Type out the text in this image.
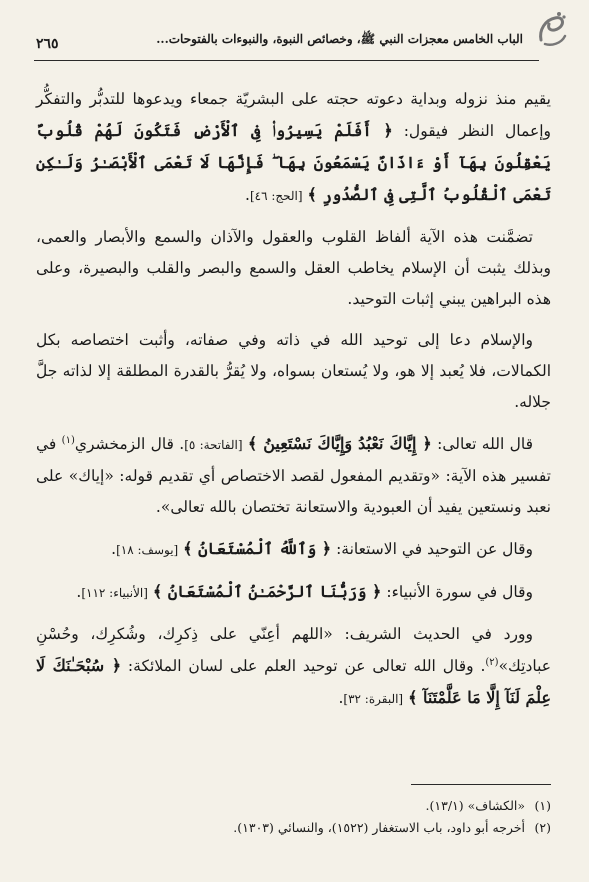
الباب الخامس معجزات النبي ﷺ، وخصائص النبوة، والنبوءات بالفتوحات...
٢٦٥

يقيم منذ نزوله وبداية دعوته حجته على البشريّة جمعاء ويدعوها للتدبُّر والتفكُّر وإعمال النظر فيقول: ﴿ أَفَلَمْ يَسِيرُوا۟ فِى ٱلْأَرْضِ فَتَكُونَ لَهُمْ قُلُوبٌ يَعْقِلُونَ بِهَآ أَوْ ءَاذَانٌ يَسْمَعُونَ بِهَا ۖ فَإِنَّهَا لَا تَعْمَى ٱلْأَبْصَـٰرُ وَلَـٰكِن تَعْمَى ٱلْقُلُوبُ ٱلَّتِى فِى ٱلصُّدُورِ ﴾ [الحج: ٤٦].

تضمَّنت هذه الآية ألفاظ القلوب والعقول والآذان والسمع والأبصار والعمى، وبذلك يثبت أن الإسلام يخاطب العقل والسمع والبصر والقلب والبصيرة، وعلى هذه البراهين يبني إثبات التوحيد.

والإسلام دعا إلى توحيد الله في ذاته وفي صفاته، وأثبت اختصاصه بكل الكمالات، فلا يُعبد إلا هو، ولا يُستعان بسواه، ولا يُقرُّ بالقدرة المطلقة إلا لذاته جلَّ جلاله.

قال الله تعالى: ﴿ إِيَّاكَ نَعْبُدُ وَإِيَّاكَ نَسْتَعِينُ ﴾ [الفاتحة: ٥]. قال الزمخشري$^{(١)}$ في تفسير هذه الآية: «وتقديم المفعول لقصد الاختصاص أي تقديم قوله: «إياك» على نعبد ونستعين يفيد أن العبودية والاستعانة تختصان بالله تعالى».

وقال عن التوحيد في الاستعانة: ﴿ وَٱللَّهُ ٱلْمُسْتَعَانُ ﴾ [يوسف: ١٨].

وقال في سورة الأنبياء: ﴿ وَرَبُّنَا ٱلرَّحْمَـٰنُ ٱلْمُسْتَعَانُ ﴾ [الأنبياء: ١١٢].

وورد في الحديث الشريف: «اللهم أعِنّي على ذِكرِك، وشُكرِك، وحُسْنِ عبادتِك»$^{(٢)}$. وقال الله تعالى عن توحيد العلم على لسان الملائكة: ﴿ سُبْحَـٰنَكَ لَا عِلْمَ لَنَآ إِلَّا مَا عَلَّمْتَنَآ ﴾ [البقرة: ٣٢].

(١) «الكشاف» (١٣/١).

(٢) أخرجه أبو داود، باب الاستغفار (١٥٢٢)، والنسائي (١٣٠٣).
